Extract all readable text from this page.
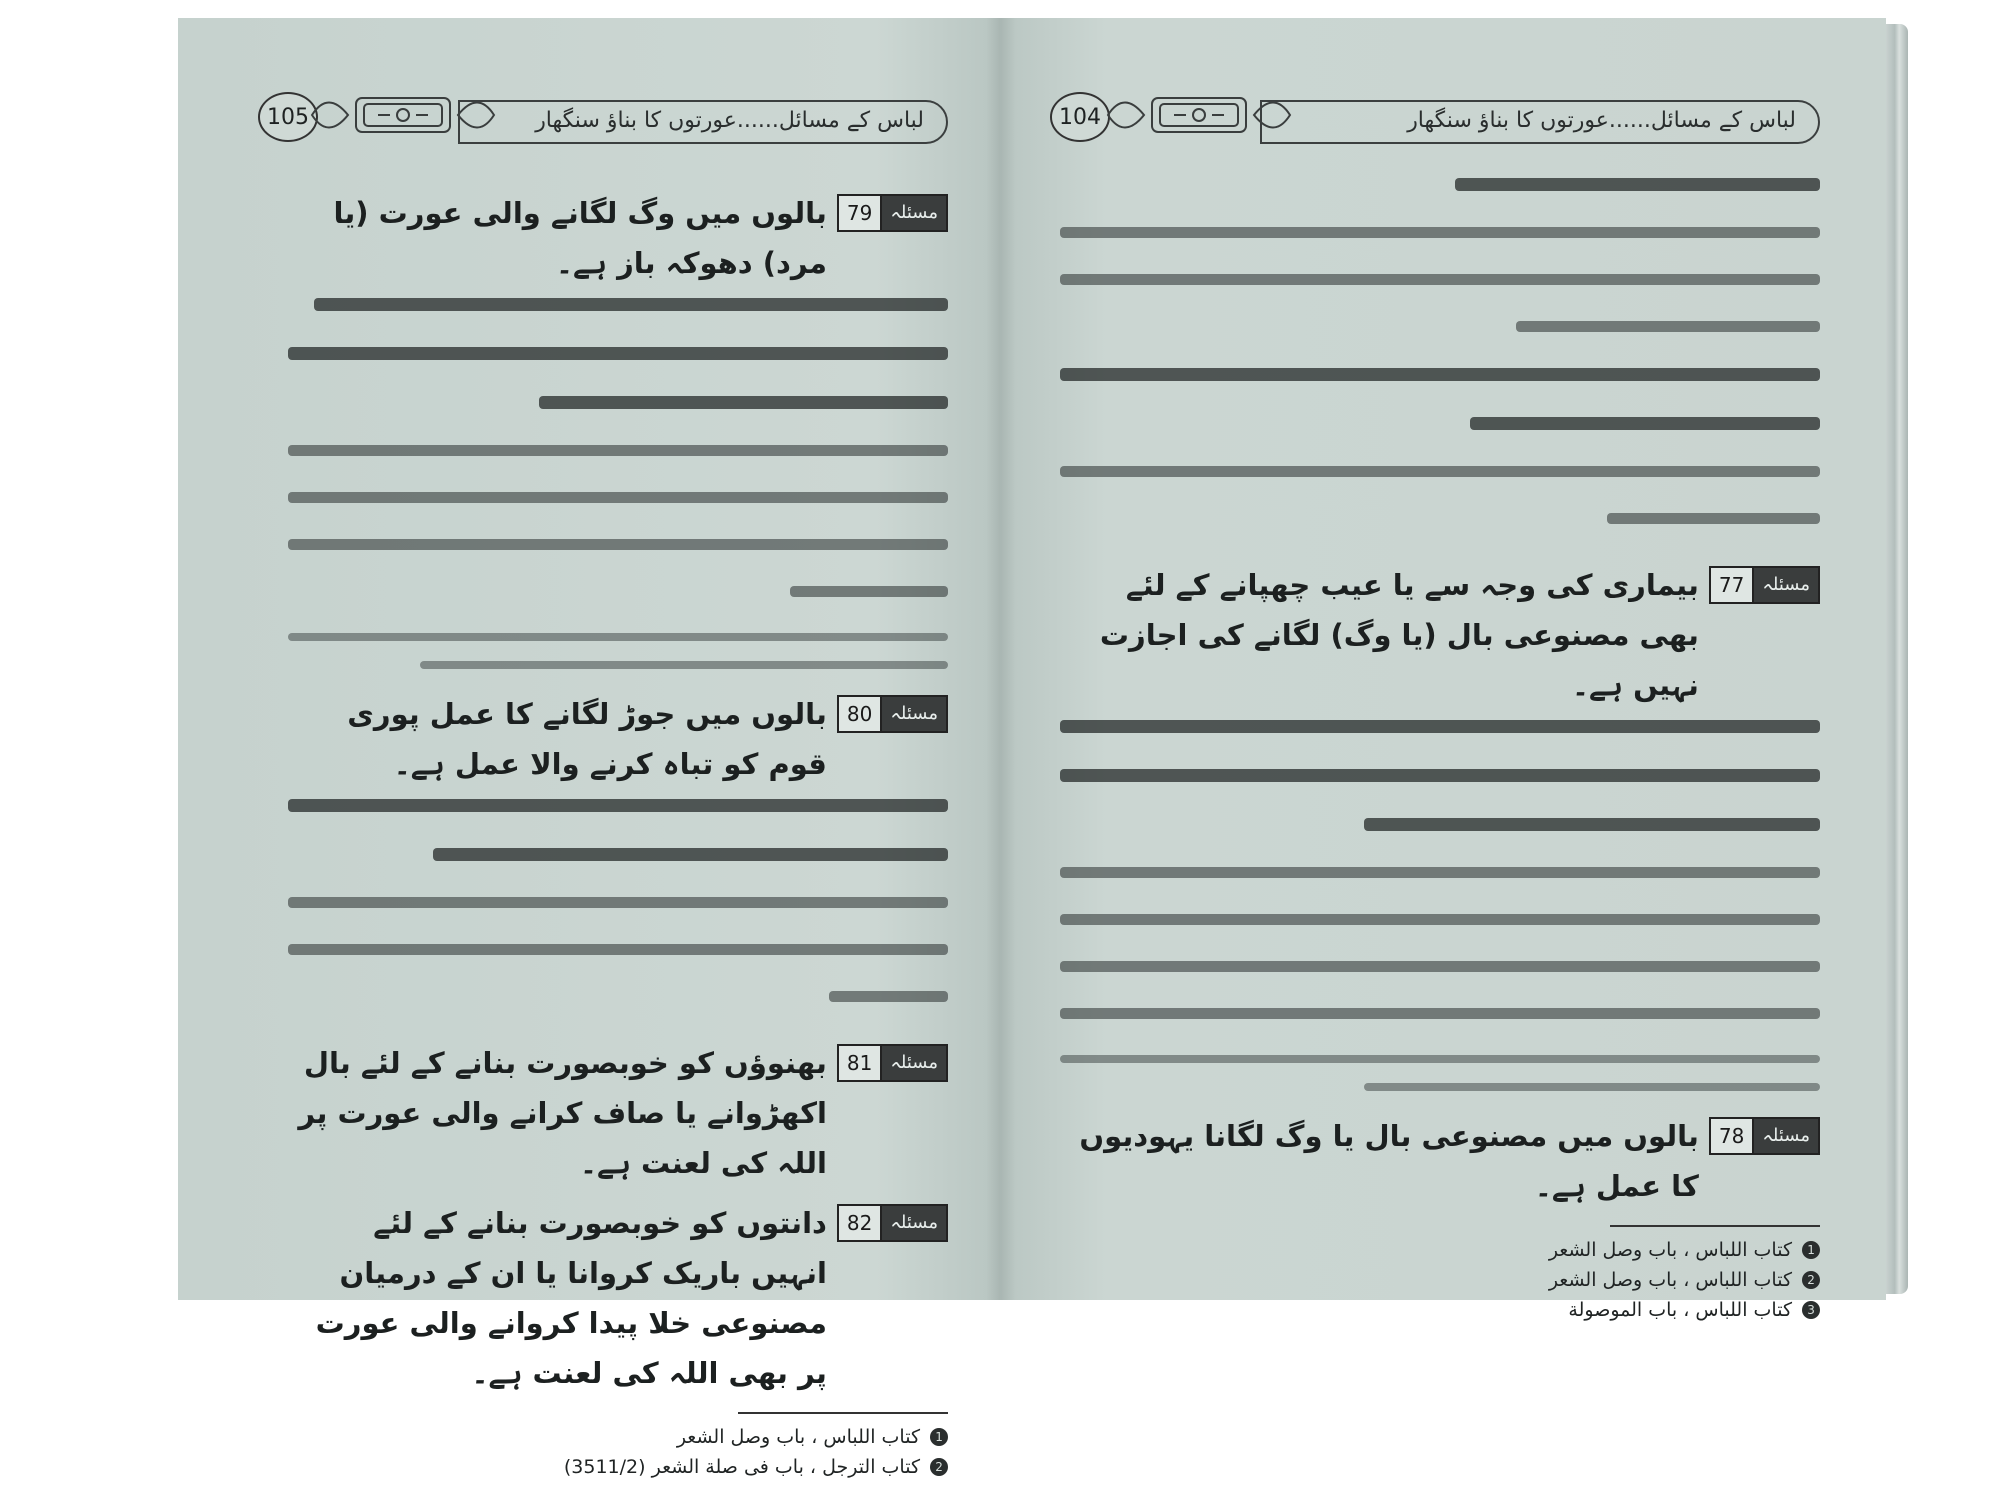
105	لباس کے مسائل......عورتوں کا بناؤ سنگھار
مسئلہ
79
بالوں میں وگ لگانے والی عورت (یا مرد) دھوکہ باز ہے۔
مسئلہ
80
بالوں میں جوڑ لگانے کا عمل پوری قوم کو تباہ کرنے والا عمل ہے۔
مسئلہ
81
بھنوؤں کو خوبصورت بنانے کے لئے بال اکھڑوانے یا صاف کرانے والی عورت پر اللہ کی لعنت ہے۔
مسئلہ
82
دانتوں کو خوبصورت بنانے کے لئے انہیں باریک کروانا یا ان کے درمیان مصنوعی خلا پیدا کروانے والی عورت پر بھی اللہ کی لعنت ہے۔
1
کتاب اللباس ، باب وصل الشعر
2
کتاب الترجل ، باب فی صلة الشعر (3511/2)
104	لباس کے مسائل......عورتوں کا بناؤ سنگھار
مسئلہ
77
بیماری کی وجہ سے یا عیب چھپانے کے لئے بھی مصنوعی بال (یا وگ) لگانے کی اجازت نہیں ہے۔
مسئلہ
78
بالوں میں مصنوعی بال یا وگ لگانا یہودیوں کا عمل ہے۔
1
کتاب اللباس ، باب وصل الشعر
2
کتاب اللباس ، باب وصل الشعر
3
کتاب اللباس ، باب الموصولة
